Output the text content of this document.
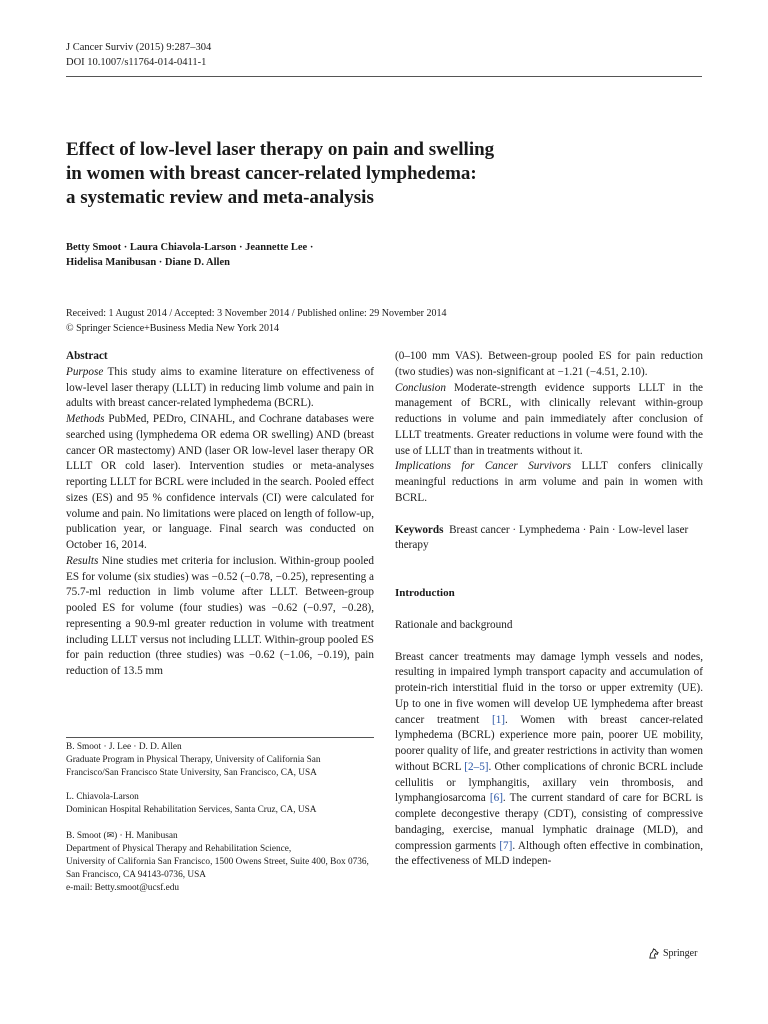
J Cancer Surviv (2015) 9:287–304
DOI 10.1007/s11764-014-0411-1
Effect of low-level laser therapy on pain and swelling
in women with breast cancer-related lymphedema:
a systematic review and meta-analysis
Betty Smoot · Laura Chiavola-Larson · Jeannette Lee ·
Hidelisa Manibusan · Diane D. Allen
Received: 1 August 2014 / Accepted: 3 November 2014 / Published online: 29 November 2014
© Springer Science+Business Media New York 2014

Abstract

Purpose This study aims to examine literature on effectiveness of low-level laser therapy (LLLT) in reducing limb volume and pain in adults with breast cancer-related lymphedema (BCRL).

Methods PubMed, PEDro, CINAHL, and Cochrane databases were searched using (lymphedema OR edema OR swelling) AND (breast cancer OR mastectomy) AND (laser OR low-level laser therapy OR LLLT OR cold laser). Intervention studies or meta-analyses reporting LLLT for BCRL were included in the search. Pooled effect sizes (ES) and 95 % confidence intervals (CI) were calculated for volume and pain. No limitations were placed on length of follow-up, publication year, or language. Final search was conducted on October 16, 2014.

Results Nine studies met criteria for inclusion. Within-group pooled ES for volume (six studies) was −0.52 (−0.78, −0.25), representing a 75.7-ml reduction in limb volume after LLLT. Between-group pooled ES for volume (four studies) was −0.62 (−0.97, −0.28), representing a 90.9-ml greater reduction in volume with treatment including LLLT versus not including LLLT. Within-group pooled ES for pain reduction (three studies) was −0.62 (−1.06, −0.19), pain reduction of 13.5 mm

B. Smoot · J. Lee · D. D. Allen
Graduate Program in Physical Therapy, University of California San Francisco/San Francisco State University, San Francisco, CA, USA
L. Chiavola-Larson
Dominican Hospital Rehabilitation Services, Santa Cruz, CA, USA
B. Smoot (✉) · H. Manibusan
Department of Physical Therapy and Rehabilitation Science,
University of California San Francisco, 1500 Owens Street, Suite 400, Box 0736, San Francisco, CA 94143-0736, USA
e-mail: Betty.smoot@ucsf.edu

(0–100 mm VAS). Between-group pooled ES for pain reduction (two studies) was non-significant at −1.21 (−4.51, 2.10).

Conclusion Moderate-strength evidence supports LLLT in the management of BCRL, with clinically relevant within-group reductions in volume and pain immediately after conclusion of LLLT treatments. Greater reductions in volume were found with the use of LLLT than in treatments without it.

Implications for Cancer Survivors LLLT confers clinically meaningful reductions in arm volume and pain in women with BCRL.

Keywords Breast cancer · Lymphedema · Pain · Low-level laser therapy

Introduction

Rationale and background

Breast cancer treatments may damage lymph vessels and nodes, resulting in impaired lymph transport capacity and accumulation of protein-rich interstitial fluid in the torso or upper extremity (UE). Up to one in five women will develop UE lymphedema after breast cancer treatment [1]. Women with breast cancer-related lymphedema (BCRL) experience more pain, poorer UE mobility, poorer quality of life, and greater restrictions in activity than women without BCRL [2–5]. Other complications of chronic BCRL include cellulitis or lymphangitis, axillary vein thrombosis, and lymphangiosarcoma [6]. The current standard of care for BCRL is complete decongestive therapy (CDT), consisting of compressive bandaging, exercise, manual lymphatic drainage (MLD), and compression garments [7]. Although often effective in combination, the effectiveness of MLD indepen-

Springer
